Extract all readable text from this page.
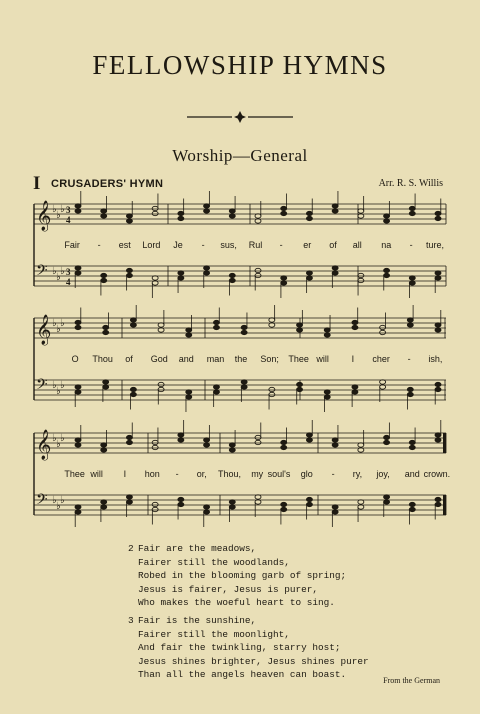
FELLOWSHIP HYMNS
Worship—General
I CRUSADERS' HYMN	Arr. R. S. Willis
𝄞 ♭
♭
♭ 3
4
𝄢 ♭
♭
♭ 3
4
𝄞 ♭
♭
♭
𝄢 ♭
♭
♭
𝄞 ♭
♭
♭
𝄢 ♭
♭
♭
Fair - est Lord Je - sus, Rul - er of all na - ture,
O Thou of God and man the Son; Thee will	I cher - ish,
Thee will I hon - or, Thou, my soul's glo - ry, joy, and crown.
2 Fair are the meadows,
Fairer still the woodlands,
Robed in the blooming garb of spring;
Jesus is fairer, Jesus is purer,
Who makes the woeful heart to sing.
3 Fair is the sunshine,
Fairer still the moonlight,
And fair the twinkling, starry host;
Jesus shines brighter, Jesus shines purer
Than all the angels heaven can boast.
From the German
